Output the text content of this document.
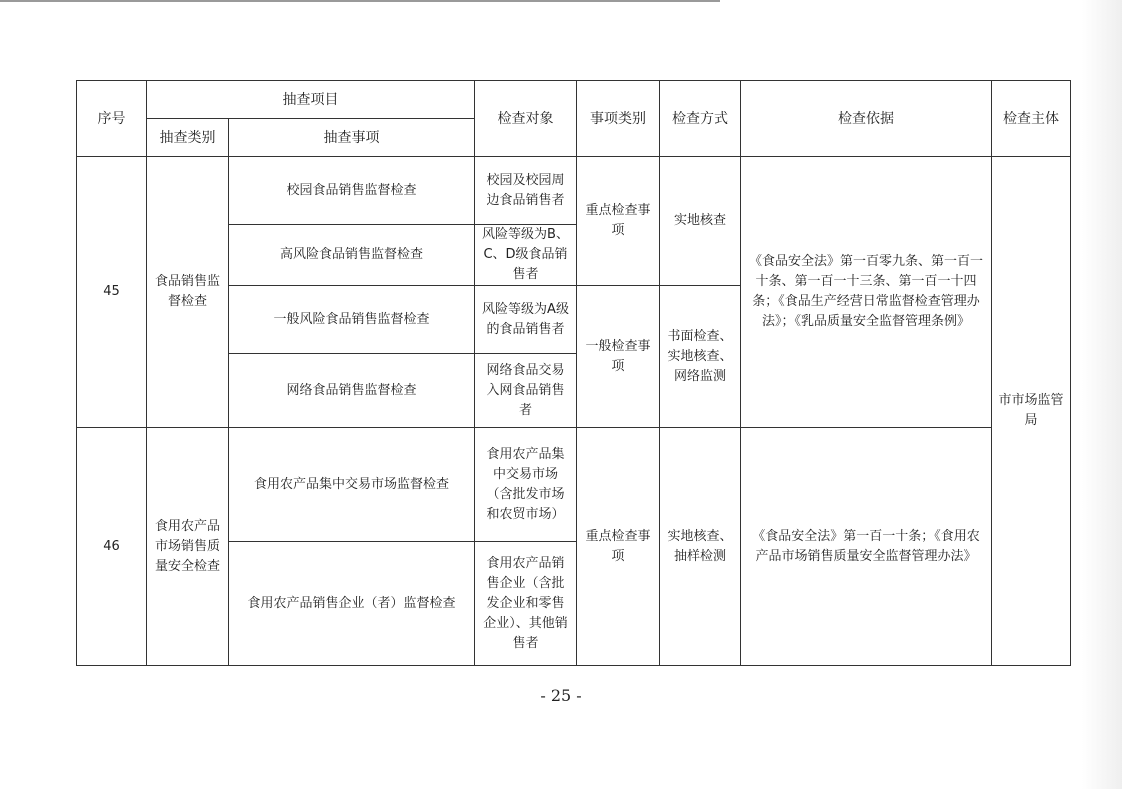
序号	抽查项目		检查对象	事项类别	检查方式	检查依据	检查主体
	抽查类别	抽查事项					
45	食品销售监督检查	校园食品销售监督检查	校园及校园周边食品销售者	重点检查事项	实地核查	《食品安全法》第一百零九条、第一百一十条、第一百一十三条、第一百一十四条；《食品生产经营日常监督检查管理办法》；《乳品质量安全监督管理条例》	市市场监管局
		高风险食品销售监督检查	风险等级为B、C、D级食品销售者				
		一般风险食品销售监督检查	风险等级为A级的食品销售者	一般检查事项	书面检查、实地核查、网络监测		
		网络食品销售监督检查	网络食品交易入网食品销售者				
46	食用农产品市场销售质量安全检查	食用农产品集中交易市场监督检查	食用农产品集中交易市场（含批发市场和农贸市场）	重点检查事项	实地核查、抽样检测	《食品安全法》第一百一十条；《食用农产品市场销售质量安全监督管理办法》	
		食用农产品销售企业（者）监督检查	食用农产品销售企业（含批发企业和零售企业）、其他销售者				
- 25 -
